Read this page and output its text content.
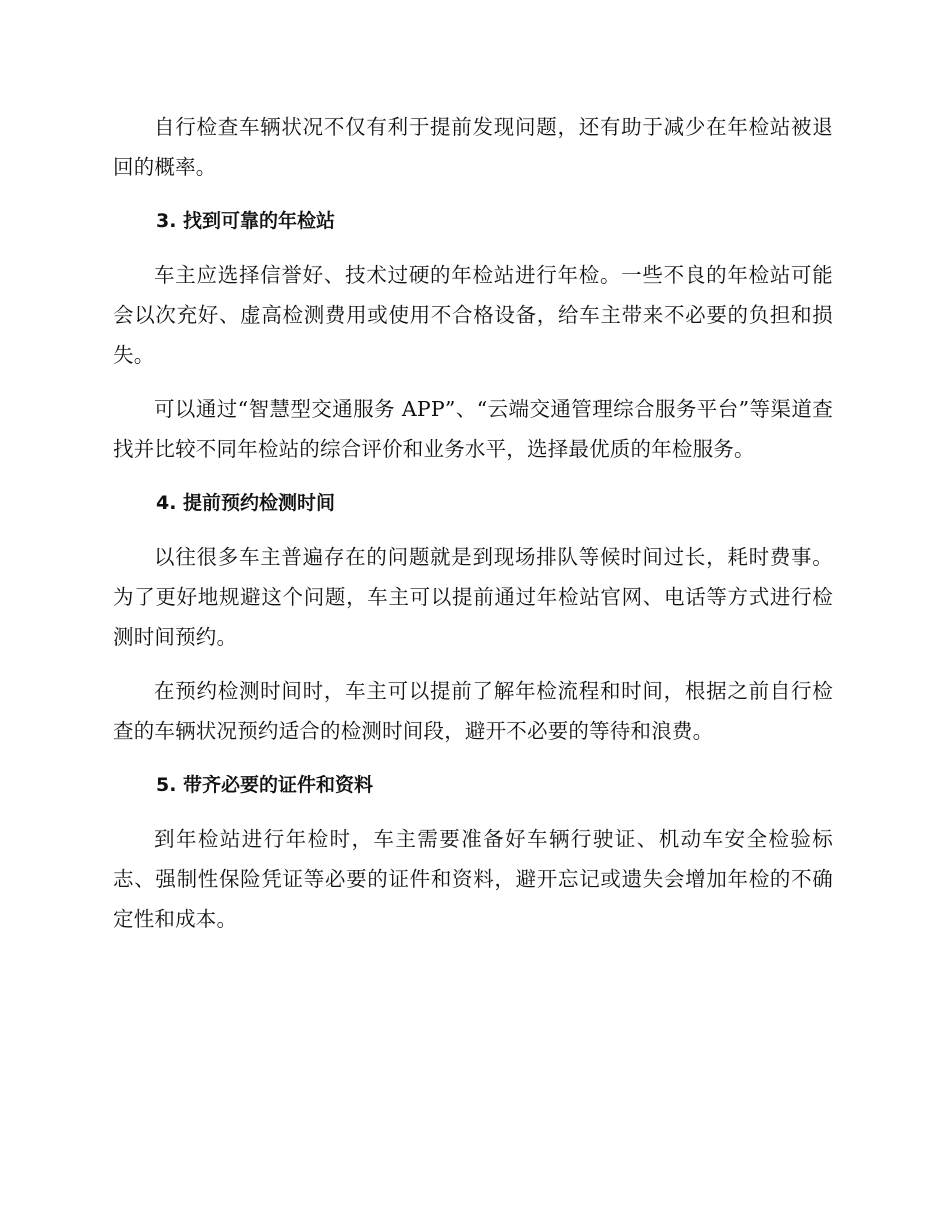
自行检查车辆状况不仅有利于提前发现问题，还有助于减少在年检站被退回的概率。

3. 找到可靠的年检站

车主应选择信誉好、技术过硬的年检站进行年检。一些不良的年检站可能会以次充好、虚高检测费用或使用不合格设备，给车主带来不必要的负担和损失。

可以通过“智慧型交通服务 APP”、“云端交通管理综合服务平台”等渠道查找并比较不同年检站的综合评价和业务水平，选择最优质的年检服务。

4. 提前预约检测时间

以往很多车主普遍存在的问题就是到现场排队等候时间过长，耗时费事。为了更好地规避这个问题，车主可以提前通过年检站官网、电话等方式进行检测时间预约。

在预约检测时间时，车主可以提前了解年检流程和时间，根据之前自行检查的车辆状况预约适合的检测时间段，避开不必要的等待和浪费。

5. 带齐必要的证件和资料

到年检站进行年检时，车主需要准备好车辆行驶证、机动车安全检验标志、强制性保险凭证等必要的证件和资料，避开忘记或遗失会增加年检的不确定性和成本。
